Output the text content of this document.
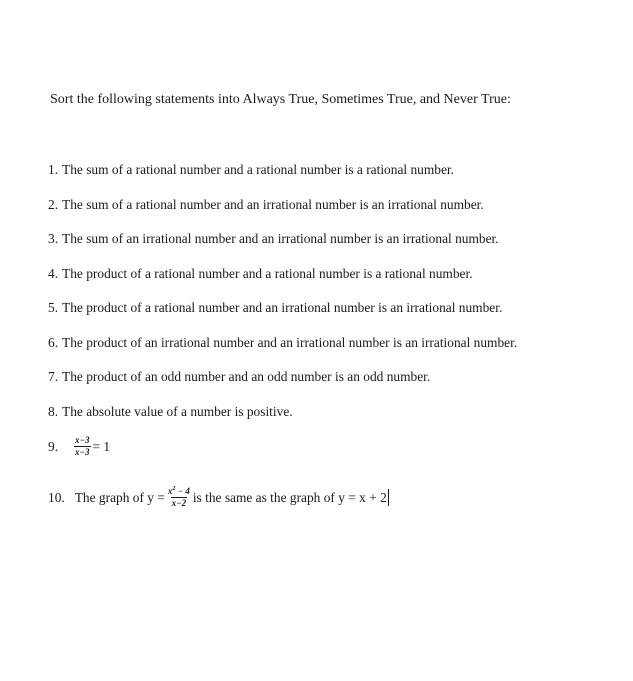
Sort the following statements into Always True, Sometimes True, and Never True:
1. The sum of a rational number and a rational number is a rational number.
2. The sum of a rational number and an irrational number is an irrational number.
3. The sum of an irrational number and an irrational number is an irrational number.
4. The product of a rational number and a rational number is a rational number.
5. The product of a rational number and an irrational number is an irrational number.
6. The product of an irrational number and an irrational number is an irrational number.
7. The product of an odd number and an odd number is an odd number.
8. The absolute value of a number is positive.
9. $\frac{x-3}{x-3} = 1$
10. The graph of $y = \frac{x^2 - 4}{x-2}$ is the same as the graph of y = x + 2
